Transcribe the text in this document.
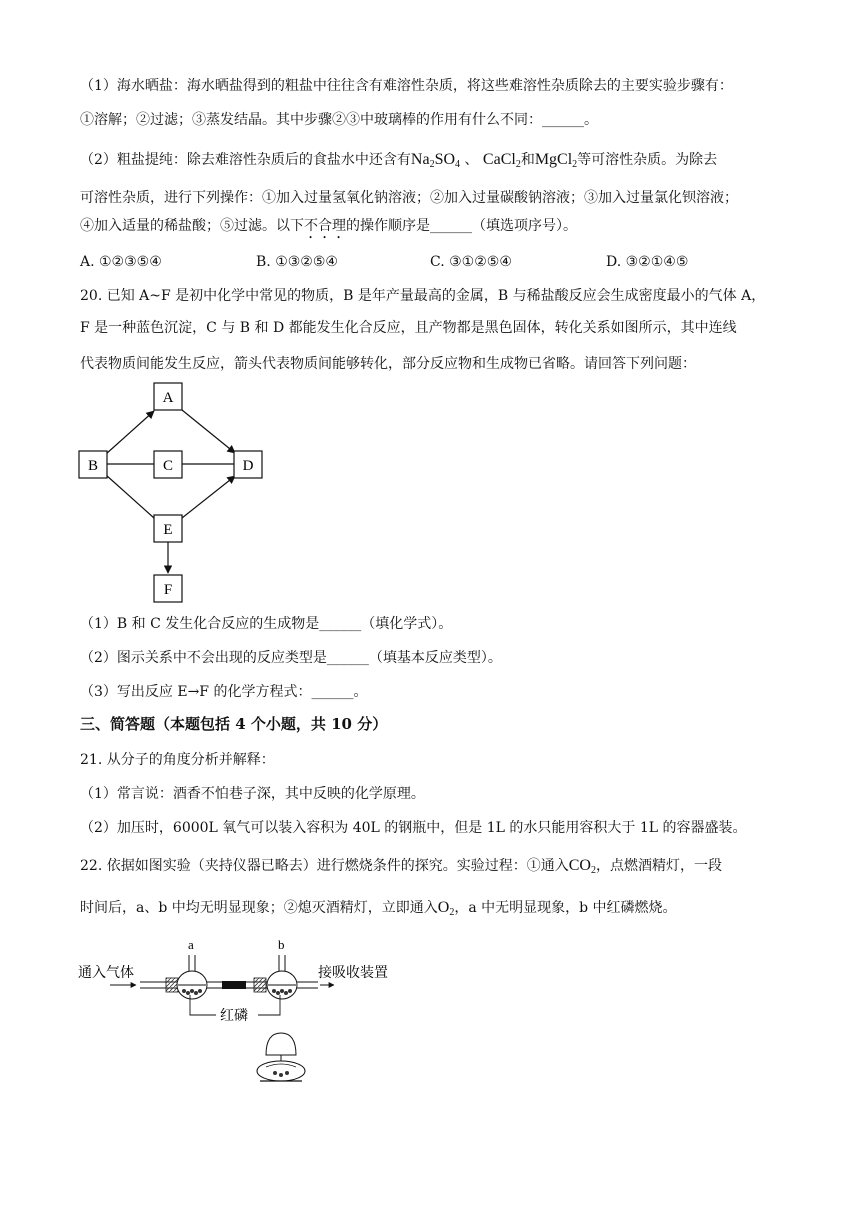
（1）海水晒盐：海水晒盐得到的粗盐中往往含有难溶性杂质，将这些难溶性杂质除去的主要实验步骤有：
①溶解；②过滤；③蒸发结晶。其中步骤②③中玻璃棒的作用有什么不同：______。
（2）粗盐提纯：除去难溶性杂质后的食盐水中还含有$Na_2SO_4$ 、 CaCl$_2$和MgCl$_2$等可溶性杂质。为除去
可溶性杂质，进行下列操作：①加入过量氢氧化钠溶液；②加入过量碳酸钠溶液；③加入过量氯化钡溶液；
④加入适量的稀盐酸；⑤过滤。以下不合理的操作顺序是______（填选项序号）。
A. ①②③⑤④	B. ①③②⑤④	C. ③①②⑤④	D. ③②①④⑤
20. 已知 A~F 是初中化学中常见的物质，B 是年产量最高的金属，B 与稀盐酸反应会生成密度最小的气体 A，
F 是一种蓝色沉淀，C 与 B 和 D 都能发生化合反应，且产物都是黑色固体，转化关系如图所示，其中连线
代表物质间能发生反应，箭头代表物质间能够转化，部分反应物和生成物已省略。请回答下列问题：
A
B	C	D
E
F
（1）B 和 C 发生化合反应的生成物是______（填化学式）。
（2）图示关系中不会出现的反应类型是______（填基本反应类型）。
（3）写出反应 E→F 的化学方程式：______。
三、简答题（本题包括 4 个小题，共 10 分）
21. 从分子的角度分析并解释：
（1）常言说：酒香不怕巷子深，其中反映的化学原理。
（2）加压时，6000L 氧气可以装入容积为 40L 的钢瓶中，但是 1L 的水只能用容积大于 1L 的容器盛装。
22. 依据如图实验（夹持仪器已略去）进行燃烧条件的探究。实验过程：①通入$CO_2$，点燃酒精灯，一段
时间后，a、b 中均无明显现象；②熄灭酒精灯，立即通入$O_2$，a 中无明显现象，b 中红磷燃烧。
通入气体
a	b
接吸收装置
红磷
